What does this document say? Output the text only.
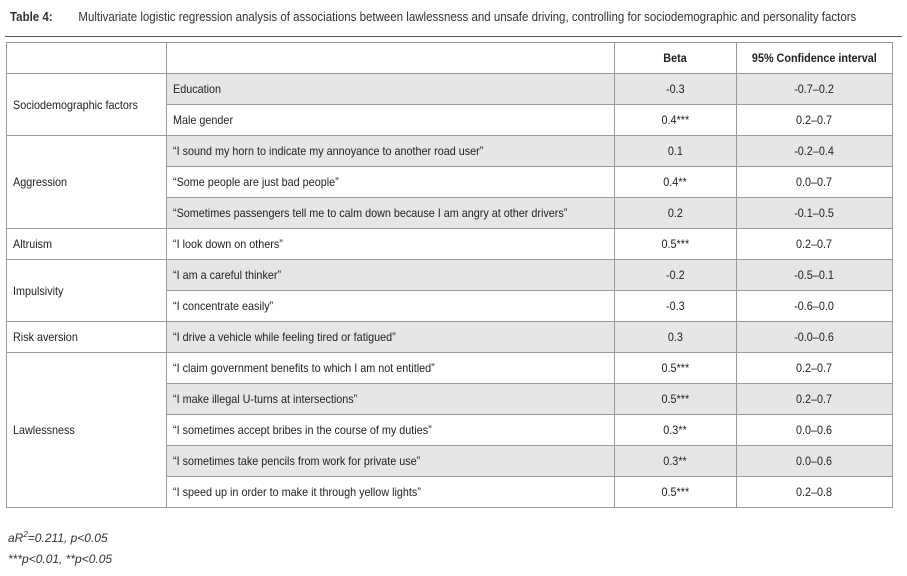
Table 4: Multivariate logistic regression analysis of associations between lawlessness and unsafe driving, controlling for sociodemographic and personality factors
		Beta	95% Confidence interval
Sociodemographic factors	Education	-0.3	-0.7–0.2
	Male gender	0.4***	0.2–0.7
Aggression	“I sound my horn to indicate my annoyance to another road user”	0.1	-0.2–0.4
	“Some people are just bad people”	0.4**	0.0–0.7
	“Sometimes passengers tell me to calm down because I am angry at other drivers”	0.2	-0.1–0.5
Altruism	“I look down on others”	0.5***	0.2–0.7
Impulsivity	“I am a careful thinker”	-0.2	-0.5–0.1
	“I concentrate easily”	-0.3	-0.6–0.0
Risk aversion	“I drive a vehicle while feeling tired or fatigued”	0.3	-0.0–0.6
Lawlessness	“I claim government benefits to which I am not entitled”	0.5***	0.2–0.7
	“I make illegal U-turns at intersections”	0.5***	0.2–0.7
	“I sometimes accept bribes in the course of my duties”	0.3**	0.0–0.6
	“I sometimes take pencils from work for private use”	0.3**	0.0–0.6
	“I speed up in order to make it through yellow lights”	0.5***	0.2–0.8
$aR^2=0.211$, p<0.05
***p<0.01, **p<0.05
